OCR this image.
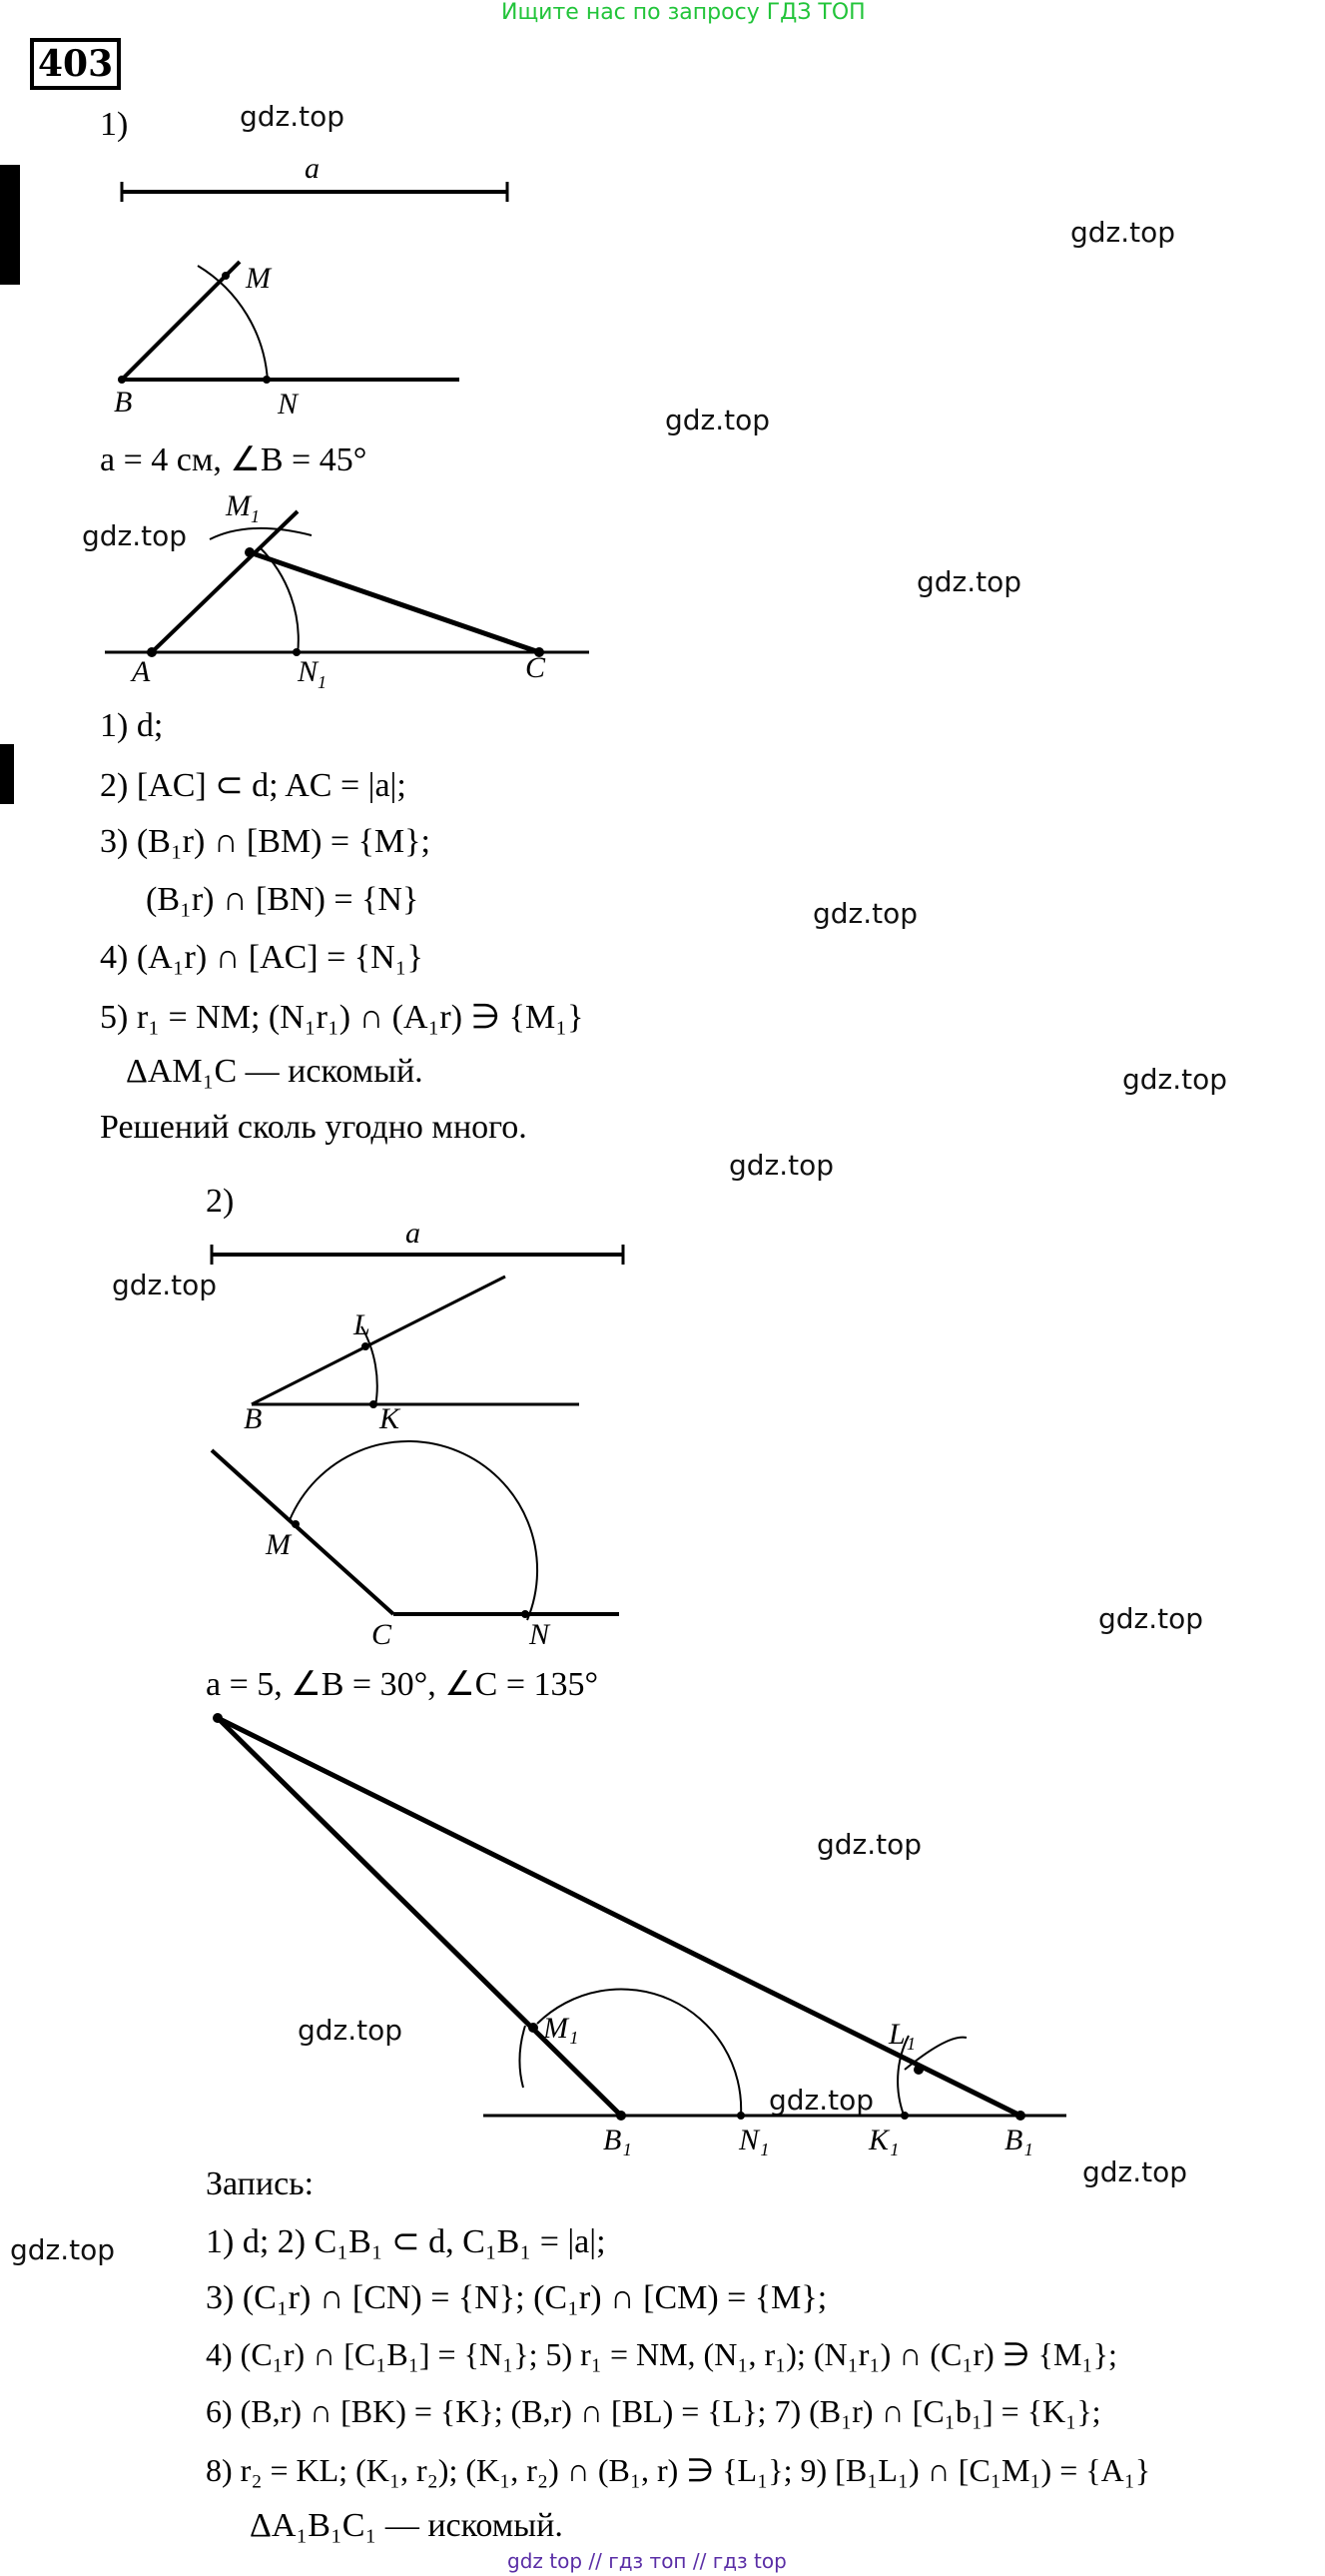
Ищите нас по запросу ГДЗ ТОП
403
gdz.top
gdz.top
gdz.top
gdz.top
gdz.top
gdz.top
gdz.top
gdz.top
gdz.top
gdz.top
gdz.top
gdz.top
gdz.top
gdz.top
gdz.top
1)
a
M
B	N
a = 4 см, ∠B = 45°
$M_1$
A	$N_1$	C
1) d;
2) [AC] ⊂ d; AC = |a|;
3) (B₁r) ∩ [BM) = {M};
(B₁r) ∩ [BN) = {N}
4) (A₁r) ∩ [AC] = {N₁}
5) r₁ = NM; (N₁r₁) ∩ (A₁r) ∋ {M₁}
ΔAM₁C — искомый.
Решений сколь угодно много.
2)
a
L
B	K
M
C	N
a = 5, ∠B = 30°, ∠C = 135°
M₁	L₁
B₁	N₁	K₁	B₁
Запись:
1) d; 2) C₁B₁ ⊂ d, C₁B₁ = |a|;
3) (C₁r) ∩ [CN) = {N}; (C₁r) ∩ [CM) = {M};
4) (C₁r) ∩ [C₁B₁] = {N₁}; 5) r₁ = NM, (N₁, r₁); (N₁r₁) ∩ (C₁r) ∋ {M₁};
6) (B,r) ∩ [BK) = {K}; (B,r) ∩ [BL) = {L}; 7) (B₁r) ∩ [C₁b₁] = {K₁};
8) r₂ = KL; (K₁, r₂); (K₁, r₂) ∩ (B₁, r) ∋ {L₁}; 9) [B₁L₁) ∩ [C₁M₁) = {A₁}
ΔA₁B₁C₁ — искомый.
gdz top // гдз топ // гдз top
